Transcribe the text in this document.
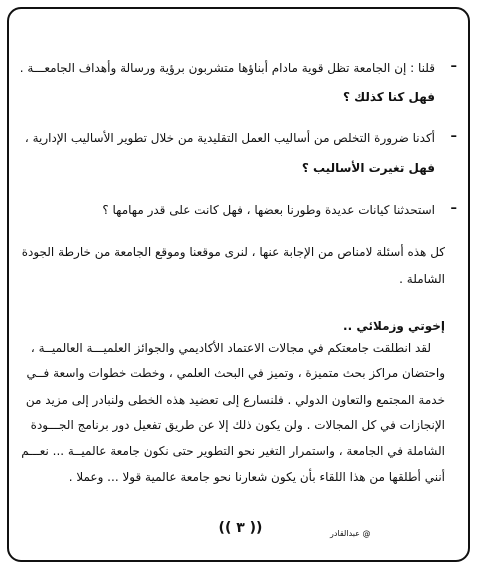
–
قلنا : إن الجامعة تظل قوية مادام أبناؤها متشربون برؤية ورسالة وأهداف الجامعـــة .
فهل كنا كذلك ؟
–
أكدنا ضرورة التخلص من أساليب العمل التقليدية من خلال تطوير الأساليب الإدارية ،
فهل تغيرت الأساليب ؟
–
استحدثنا كيانات عديدة وطورنا بعضها ، فهل كانت على قدر مهامها ؟
كل هذه أسئلة لامناص من الإجابة عنها ، لنرى موقعنا وموقع الجامعة من خارطة الجودة
الشاملة .
إخوتي وزملائي ..
لقد انطلقت جامعتكم في مجالات الاعتماد الأكاديمي والجوائز العلميـــة العالميــة ،
واحتضان مراكز بحث متميزة ، وتميز في البحث العلمي ، وخطت خطوات واسعة فــي
خدمة المجتمع والتعاون الدولي . فلنسارع إلى تعضيد هذه الخطى ولنبادر إلى مزيد من
الإنجازات في كل المجالات . ولن يكون ذلك إلا عن طريق تفعيل دور برنامج الجـــودة
الشاملة في الجامعة ، واستمرار التغير نحو التطوير حتى نكون جامعة عالميــة ... نعـــم
أنني أطلقها من هذا اللقاء بأن يكون شعارنا نحو جامعة عالمية قولا ... وعملا .
(( ٣ ))	@ عبدالقادر
